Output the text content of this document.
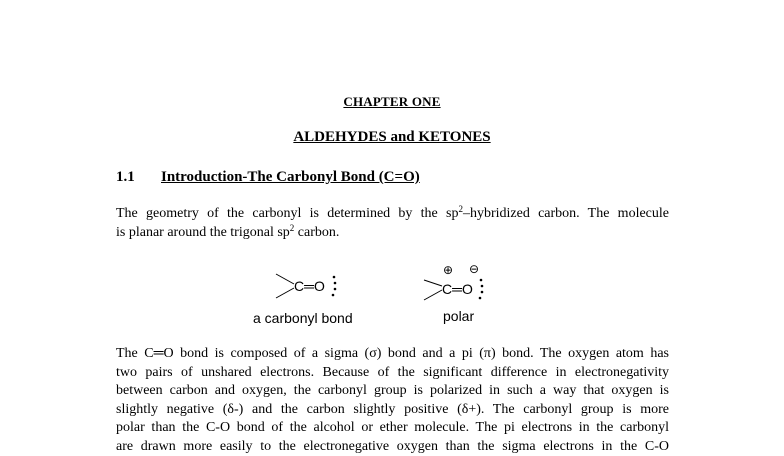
CHAPTER ONE
ALDEHYDES and KETONES
1.1 Introduction-The Carbonyl Bond (C=O)
The geometry of the carbonyl is determined by the $sp^2$–hybridized carbon. The molecule
is planar around the trigonal $sp^2$ carbon.
C═O
⊕ ⊖
C═O
a carbonyl bond	polar
The C═O bond is composed of a sigma (σ) bond and a pi (π) bond. The oxygen atom has
two pairs of unshared electrons. Because of the significant difference in electronegativity
between carbon and oxygen, the carbonyl group is polarized in such a way that oxygen is
slightly negative (δ-) and the carbon slightly positive (δ+). The carbonyl group is more
polar than the C-O bond of the alcohol or ether molecule. The pi electrons in the carbonyl
are drawn more easily to the electronegative oxygen than the sigma electrons in the C-O
